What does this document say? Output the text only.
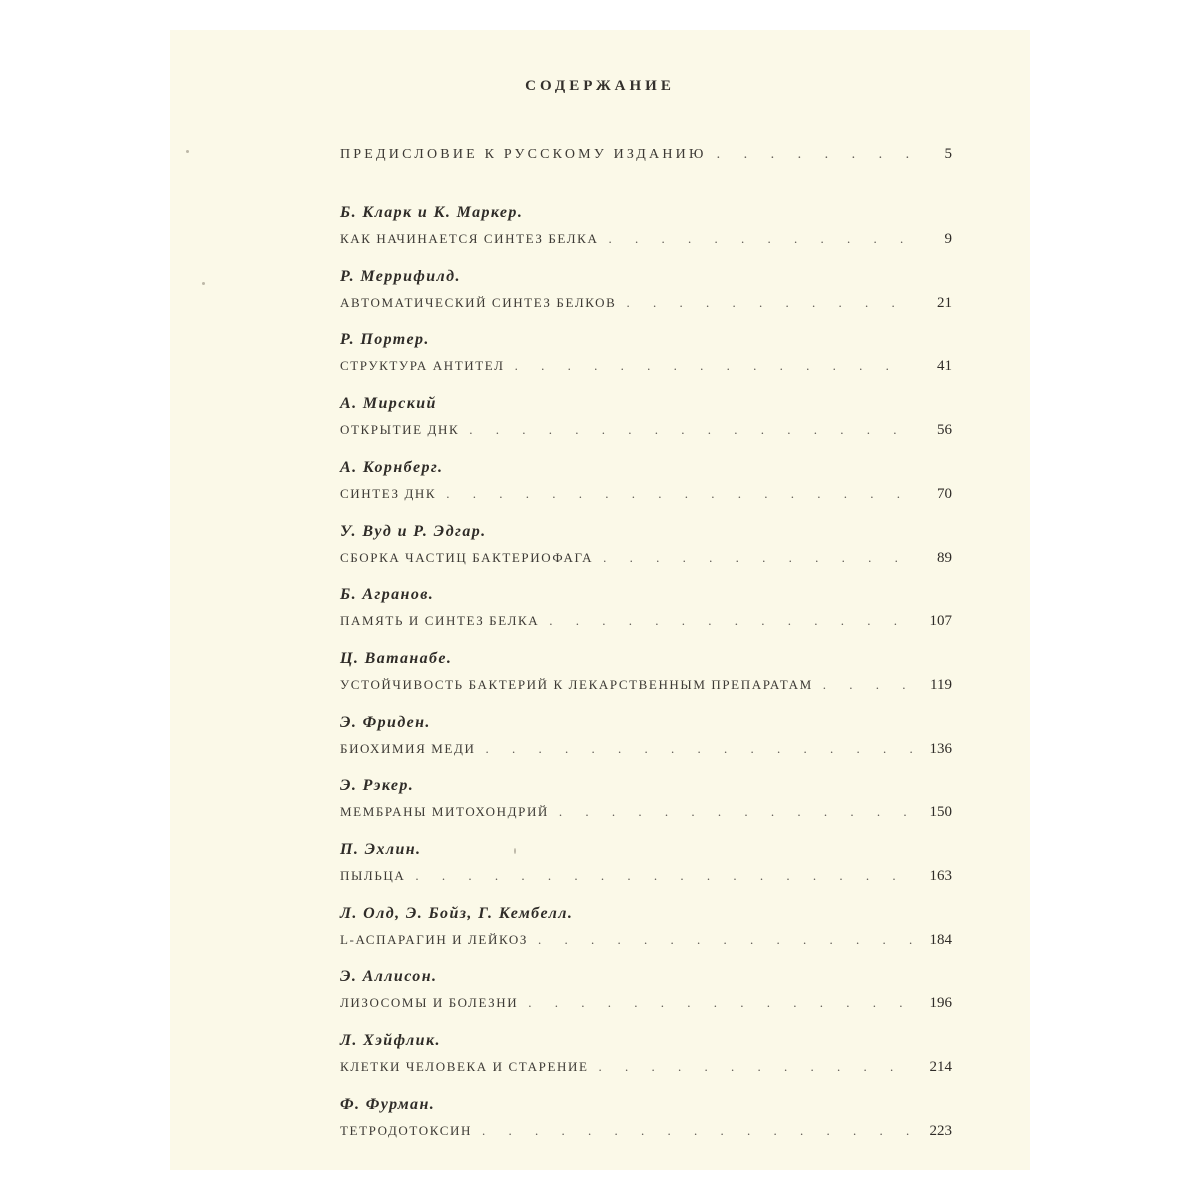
СОДЕРЖАНИЕ
ПРЕДИСЛОВИЕ К РУССКОМУ ИЗДАНИЮ . . .	5
Б. Кларк и К. Маркер.
КАК НАЧИНАЕТСЯ СИНТЕЗ БЕЛКА . . .	9
Р. Меррифилд.
АВТОМАТИЧЕСКИЙ СИНТЕЗ БЕЛКОВ . . .	21
Р. Портер.
СТРУКТУРА АНТИТЕЛ . . .	41
А. Мирский
ОТКРЫТИЕ ДНК . . .	56
А. Корнберг.
СИНТЕЗ ДНК . . .	70
У. Вуд и Р. Эдгар.
СБОРКА ЧАСТИЦ БАКТЕРИОФАГА . . .	89
Б. Агранов.
ПАМЯТЬ И СИНТЕЗ БЕЛКА . . .	107
Ц. Ватанабе.
УСТОЙЧИВОСТЬ БАКТЕРИЙ К ЛЕКАРСТВЕННЫМ ПРЕПАРАТАМ . . .	119
Э. Фриден.
БИОХИМИЯ МЕДИ . . .	136
Э. Рэкер.
МЕМБРАНЫ МИТОХОНДРИЙ . . .	150
П. Эхлин.
ПЫЛЬЦА . . .	163
Л. Олд, Э. Бойз, Г. Кембелл.
L-АСПАРАГИН И ЛЕЙКОЗ . . .	184
Э. Аллисон.
ЛИЗОСОМЫ И БОЛЕЗНИ . . .	196
Л. Хэйфлик.
КЛЕТКИ ЧЕЛОВЕКА И СТАРЕНИЕ . . .	214
Ф. Фурман.
ТЕТРОДОТОКСИН . . .	223
